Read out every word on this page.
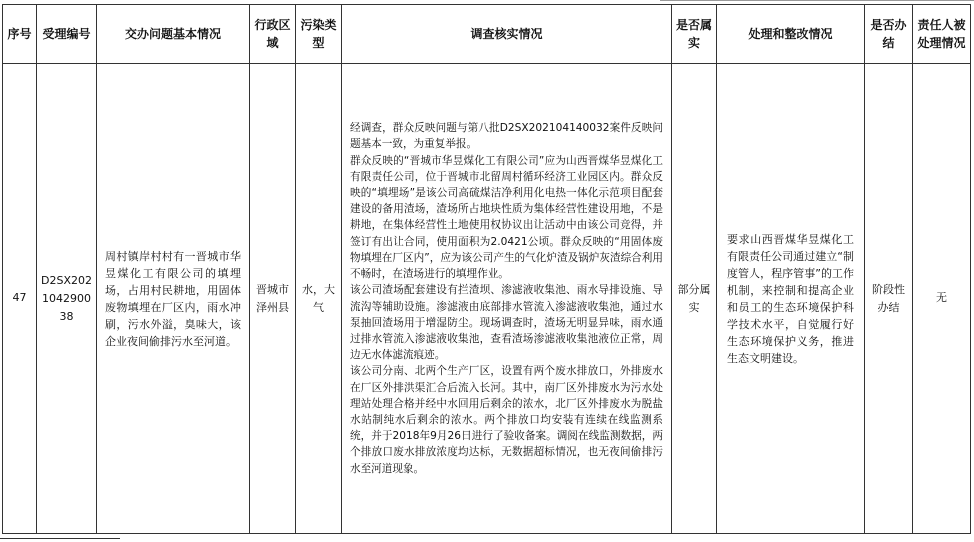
序号	受理编号	交办问题基本情况	行政区域	污染类型	调查核实情况	是否属实	处理和整改情况	是否办结	责任人被处理情况
47	D2SX202104290038	周村镇岸村村有一晋城市华昱煤化工有限公司的填埋场，占用村民耕地，用固体废物填埋在厂区内，雨水冲刷，污水外溢，臭味大，该企业夜间偷排污水至河道。	晋城市泽州县	水，大气	经调查，群众反映问题与第八批D2SX202104140032案件反映问题基本一致，为重复举报。

群众反映的“晋城市华昱煤化工有限公司”应为山西晋煤华昱煤化工有限责任公司，位于晋城市北留周村循环经济工业园区内。群众反映的“填埋场”是该公司高硫煤洁净利用化电热一体化示范项目配套建设的备用渣场，渣场所占地块性质为集体经营性建设用地，不是耕地，在集体经营性土地使用权协议出让活动中由该公司竞得，并签订有出让合同，使用面积为2.0421公顷。群众反映的“用固体废物填埋在厂区内”，应为该公司产生的气化炉渣及锅炉灰渣综合利用不畅时，在渣场进行的填埋作业。

该公司渣场配套建设有拦渣坝、渗滤液收集池、雨水导排设施、导流沟等辅助设施。渗滤液由底部排水管流入渗滤液收集池，通过水泵抽回渣场用于增湿防尘。现场调查时，渣场无明显异味，雨水通过排水管流入渗滤液收集池，查看渣场渗滤液收集池液位正常，周边无水体滤流痕迹。

该公司分南、北两个生产厂区，设置有两个废水排放口，外排废水在厂区外排洪渠汇合后流入长河。其中，南厂区外排废水为污水处理站处理合格并经中水回用后剩余的浓水，北厂区外排废水为脱盐水站制纯水后剩余的浓水。两个排放口均安装有连续在线监测系统，并于2018年9月26日进行了验收备案。调阅在线监测数据，两个排放口废水排放浓度均达标，无数据超标情况，也无夜间偷排污水至河道现象。	部分属实	要求山西晋煤华昱煤化工有限责任公司通过建立“制度管人，程序管事”的工作机制，来控制和提高企业和员工的生态环境保护科学技术水平，自觉履行好生态环境保护义务，推进生态文明建设。	阶段性办结	无
